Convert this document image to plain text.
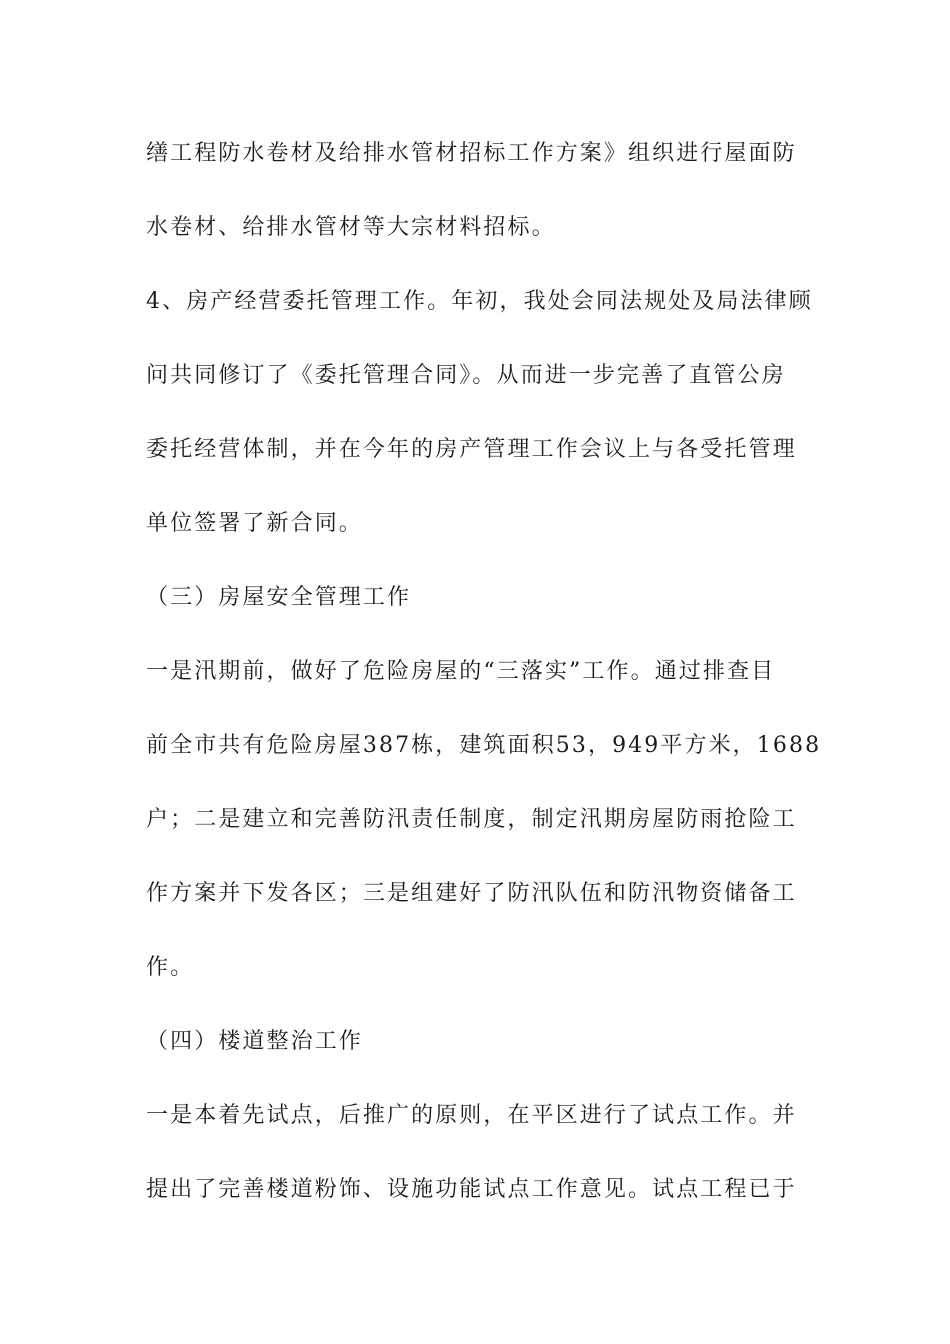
缮工程防水卷材及给排水管材招标工作方案》组织进行屋面防
水卷材、给排水管材等大宗材料招标。
4、房产经营委托管理工作。年初，我处会同法规处及局法律顾
问共同修订了《委托管理合同》。从而进一步完善了直管公房
委托经营体制，并在今年的房产管理工作会议上与各受托管理
单位签署了新合同。
（三）房屋安全管理工作
一是汛期前，做好了危险房屋的“三落实”工作。通过排查目
前全市共有危险房屋387栋，建筑面积53，949平方米，1688
户；二是建立和完善防汛责任制度，制定汛期房屋防雨抢险工
作方案并下发各区；三是组建好了防汛队伍和防汛物资储备工
作。
（四）楼道整治工作
一是本着先试点，后推广的原则，在平区进行了试点工作。并
提出了完善楼道粉饰、设施功能试点工作意见。试点工程已于
